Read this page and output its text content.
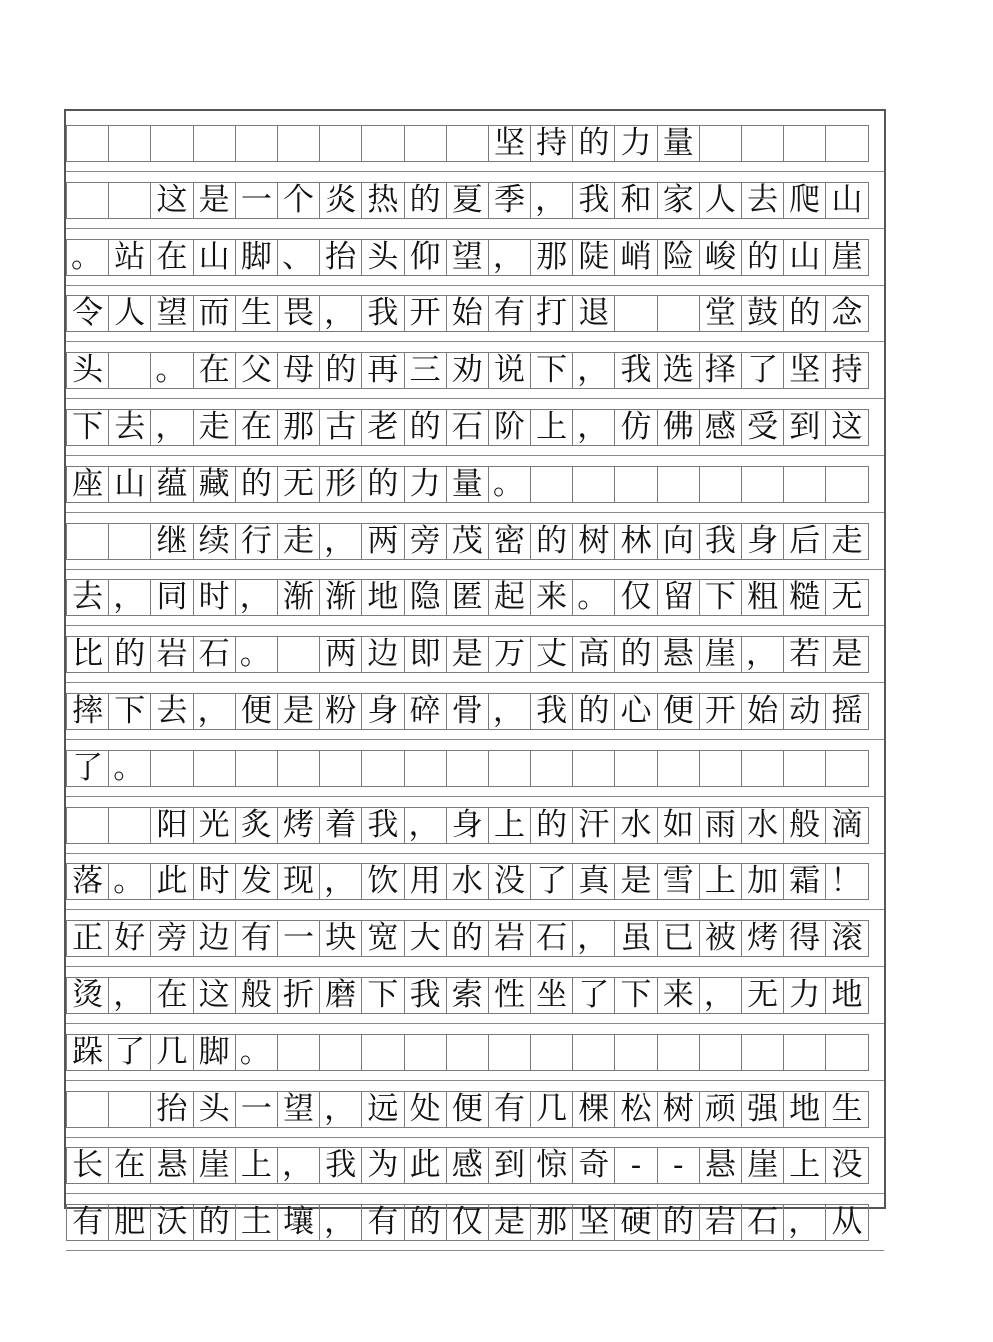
坚 持 的 力 量
这 是 一 个 炎 热 的 夏 季 ， 我 和 家 人 去 爬 山
。 站 在 山 脚 、 抬 头 仰 望 ， 那 陡 峭 险 峻 的 山 崖
令 人 望 而 生 畏 ， 我 开 始 有 打 退	堂 鼓 的 念
头 。 在 父 母 的 再 三 劝 说 下 ， 我 选 择 了 坚 持
下 去 ， 走 在 那 古 老 的 石 阶 上 ， 仿 佛 感 受 到 这
座 山 蕴 藏 的 无 形 的 力 量 。
继 续 行 走 ， 两 旁 茂 密 的 树 林 向 我 身 后 走
去 ， 同 时 ， 渐 渐 地 隐 匿 起 来 。 仅 留 下 粗 糙 无
比 的 岩 石 。 两 边 即 是 万 丈 高 的 悬 崖 ， 若 是
摔 下 去 ， 便 是 粉 身 碎 骨 ， 我 的 心 便 开 始 动 摇
了 。
阳 光 炙 烤 着 我 ， 身 上 的 汗 水 如 雨 水 般 滴
落 。 此 时 发 现 ， 饮 用 水 没 了 真 是 雪 上 加 霜 ！
正 好 旁 边 有 一 块 宽 大 的 岩 石 ， 虽 已 被 烤 得 滚
烫 ， 在 这 般 折 磨 下 我 索 性 坐 了 下 来 ， 无 力 地
跺 了 几 脚 。
抬 头 一 望 ， 远 处 便 有 几 棵 松 树 顽 强 地 生
长 在 悬 崖 上 ， 我 为 此 感 到 惊 奇 -	- 悬 崖 上 没
有 肥 沃 的 土 壤 ， 有 的 仅 是 那 坚 硬 的 岩 石 ， 从
